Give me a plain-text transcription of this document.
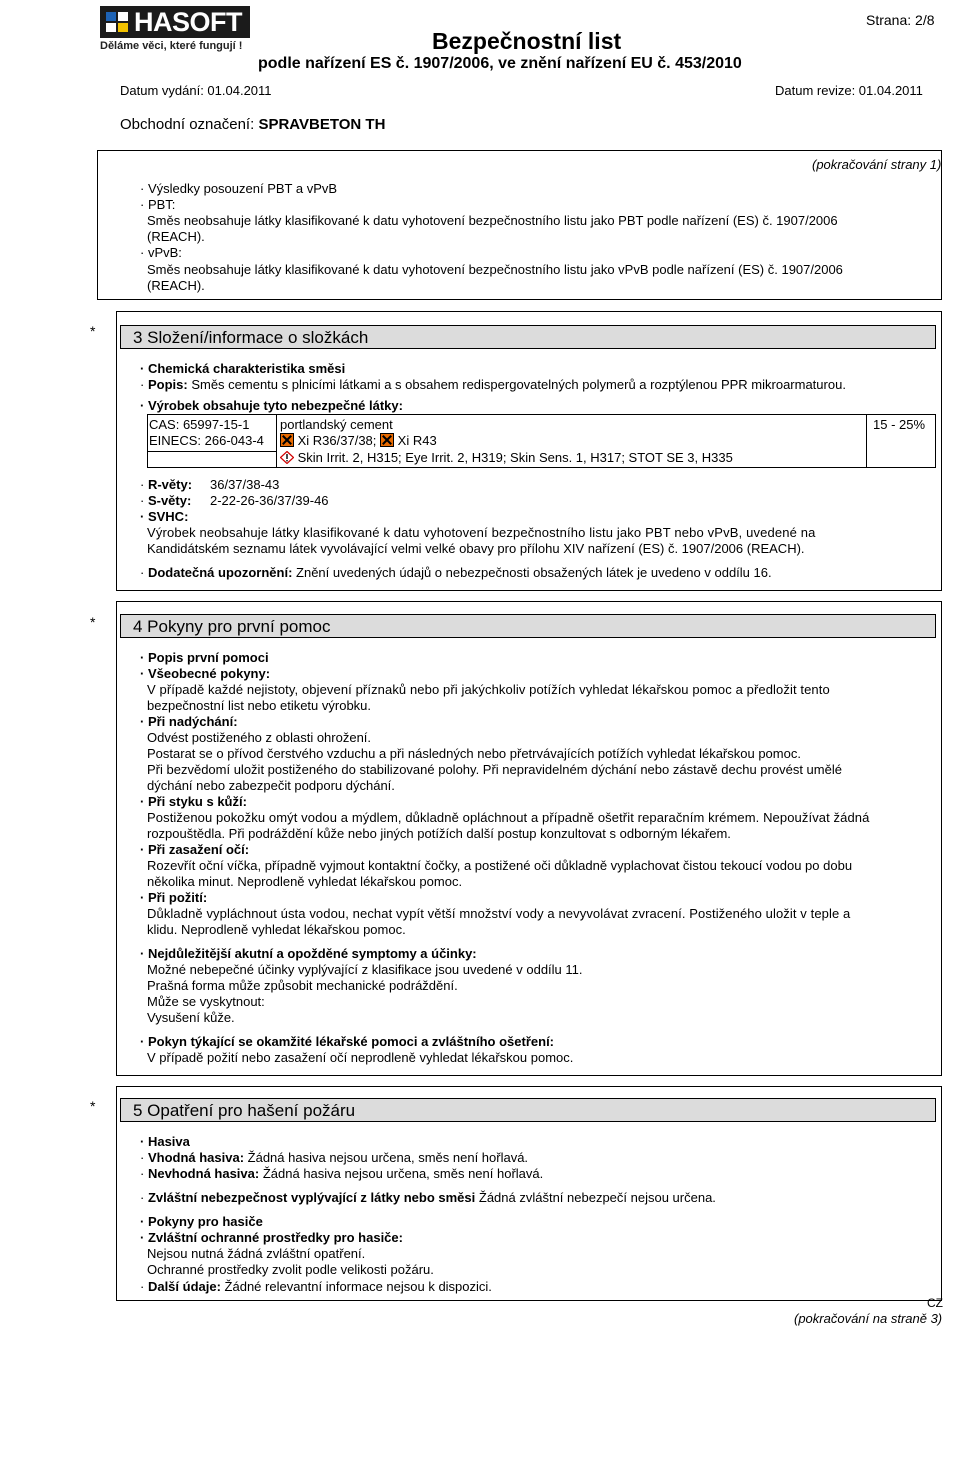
HASOFT
Děláme věci, které fungují !
Strana: 2/8
Bezpečnostní list
podle nařízení ES č. 1907/2006, ve znění nařízení EU č. 453/2010
Datum vydání: 01.04.2011	Datum revize: 01.04.2011
Obchodní označení: SPRAVBETON TH
(pokračování strany 1)
· Výsledky posouzení PBT a vPvB
· PBT:
Směs neobsahuje látky klasifikované k datu vyhotovení bezpečnostního listu jako PBT podle nařízení (ES) č. 1907/2006
(REACH).
· vPvB:
Směs neobsahuje látky klasifikované k datu vyhotovení bezpečnostního listu jako vPvB podle nařízení (ES) č. 1907/2006
(REACH).
* 3 Složení/informace o složkách
· Chemická charakteristika směsi
· Popis: Směs cementu s plnicími látkami a s obsahem redispergovatelných polymerů a rozptýlenou PPR mikroarmaturou.
· Výrobek obsahuje tyto nebezpečné látky:
CAS: 65997-15-1
EINECS: 266-043-4
portlandský cement
Xi R36/37/38; Xi R43
Skin Irrit. 2, H315; Eye Irrit. 2, H319; Skin Sens. 1, H317; STOT SE 3, H335
15 - 25%
· R-věty: 36/37/38-43
· S-věty: 2-22-26-36/37/39-46
· SVHC:
Výrobek neobsahuje látky klasifikované k datu vyhotovení bezpečnostního listu jako PBT nebo vPvB, uvedené na
Kandidátském seznamu látek vyvolávající velmi velké obavy pro přílohu XIV nařízení (ES) č. 1907/2006 (REACH).
· Dodatečná upozornění: Znění uvedených údajů o nebezpečnosti obsažených látek je uvedeno v oddílu 16.
* 4 Pokyny pro první pomoc
· Popis první pomoci
· Všeobecné pokyny:
V případě každé nejistoty, objevení příznaků nebo při jakýchkoliv potížích vyhledat lékařskou pomoc a předložit tento
bezpečnostní list nebo etiketu výrobku.
· Při nadýchání:
Odvést postiženého z oblasti ohrožení.
Postarat se o přívod čerstvého vzduchu a při následných nebo přetrvávajících potížích vyhledat lékařskou pomoc.
Při bezvědomí uložit postiženého do stabilizované polohy. Při nepravidelném dýchání nebo zástavě dechu provést umělé
dýchání nebo zabezpečit podporu dýchání.
· Při styku s kůží:
Postiženou pokožku omýt vodou a mýdlem, důkladně opláchnout a případně ošetřit reparačním krémem. Nepoužívat žádná
rozpouštědla. Při podráždění kůže nebo jiných potížích další postup konzultovat s odborným lékařem.
· Při zasažení očí:
Rozevřít oční víčka, případně vyjmout kontaktní čočky, a postižené oči důkladně vyplachovat čistou tekoucí vodou po dobu
několika minut. Neprodleně vyhledat lékařskou pomoc.
· Při požití:
Důkladně vypláchnout ústa vodou, nechat vypít větší množství vody a nevyvolávat zvracení. Postiženého uložit v teple a
klidu. Neprodleně vyhledat lékařskou pomoc.
· Nejdůležitější akutní a opožděné symptomy a účinky:
Možné nebepečné účinky vyplývající z klasifikace jsou uvedené v oddílu 11.
Prašná forma může způsobit mechanické podráždění.
Může se vyskytnout:
Vysušení kůže.
· Pokyn týkající se okamžité lékařské pomoci a zvláštního ošetření:
V případě požití nebo zasažení očí neprodleně vyhledat lékařskou pomoc.
* 5 Opatření pro hašení požáru
· Hasiva
· Vhodná hasiva: Žádná hasiva nejsou určena, směs není hořlavá.
· Nevhodná hasiva: Žádná hasiva nejsou určena, směs není hořlavá.
· Zvláštní nebezpečnost vyplývající z látky nebo směsi Žádná zvláštní nebezpečí nejsou určena.
· Pokyny pro hasiče
· Zvláštní ochranné prostředky pro hasiče:
Nejsou nutná žádná zvláštní opatření.
Ochranné prostředky zvolit podle velikosti požáru.
· Další údaje: Žádné relevantní informace nejsou k dispozici.
CZ
(pokračování na straně 3)
